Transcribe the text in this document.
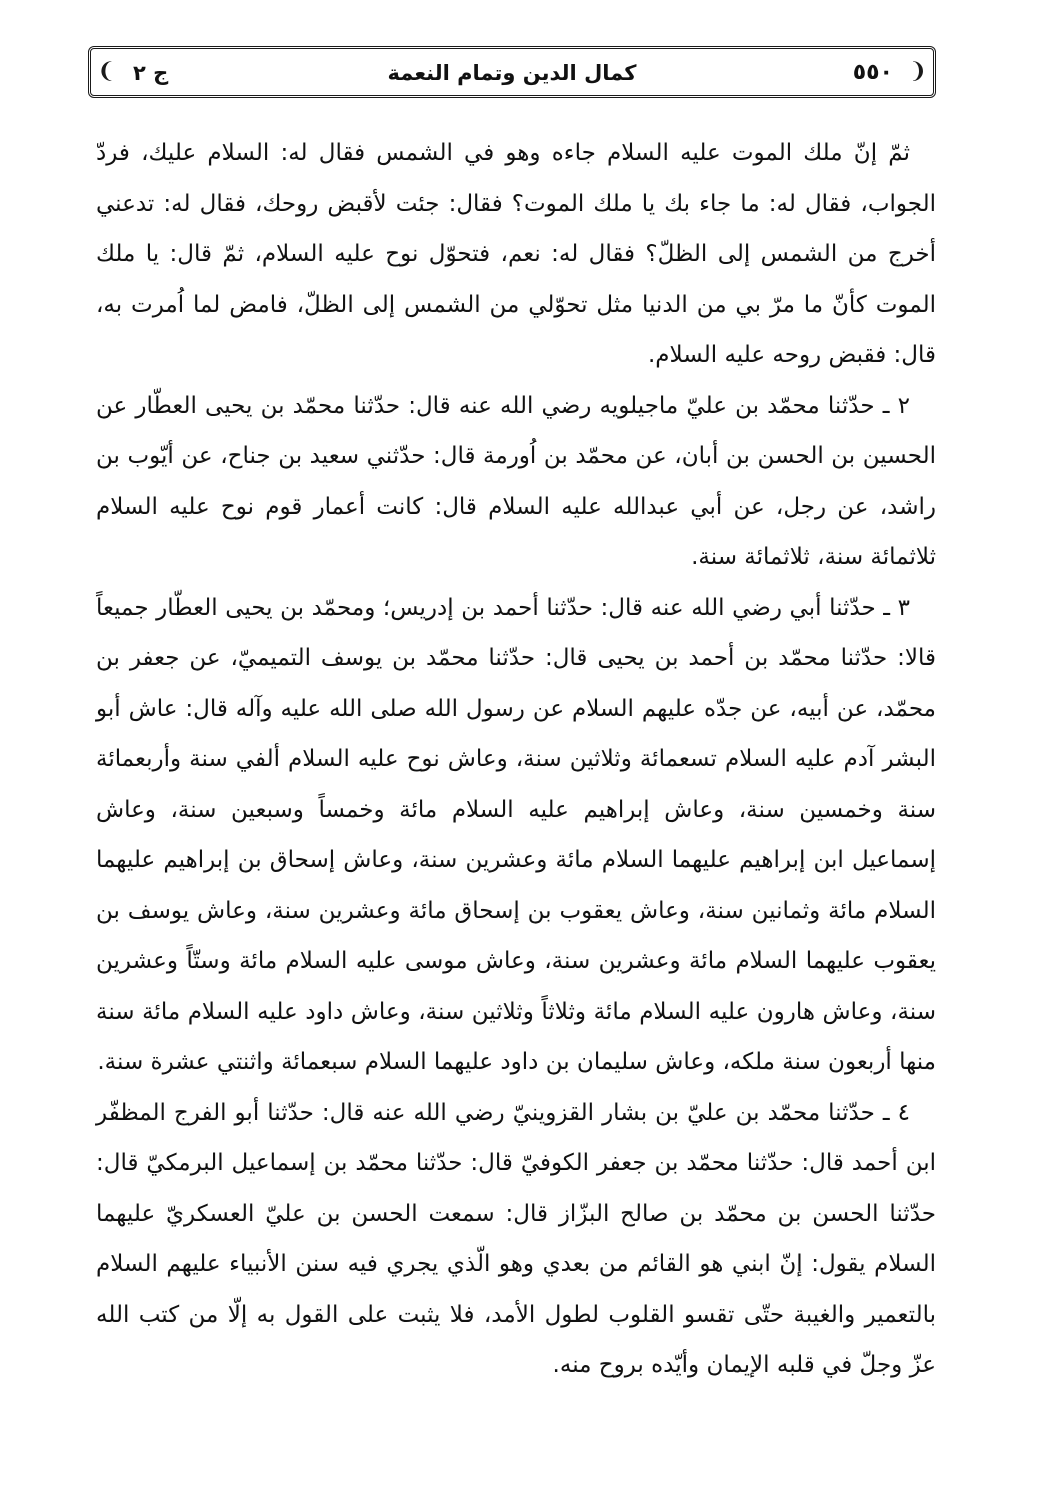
❩
٥٥٠
كمال الدين وتمام النعمة
ج ٢
❨

ثمّ إنّ ملك الموت عليه السلام جاءه وهو في الشمس فقال له: السلام عليك، فردّ الجواب، فقال له: ما جاء بك يا ملك الموت؟ فقال: جئت لأقبض روحك، فقال له: تدعني أخرج من الشمس إلى الظلّ؟ فقال له: نعم، فتحوّل نوح عليه السلام، ثمّ قال: يا ملك الموت كأنّ ما مرّ بي من الدنيا مثل تحوّلي من الشمس إلى الظلّ، فامض لما اُمرت به، قال: فقبض روحه عليه السلام.

٢ ـ حدّثنا محمّد بن عليّ ماجيلويه رضي الله عنه قال: حدّثنا محمّد بن يحيى العطّار عن الحسين بن الحسن بن أبان، عن محمّد بن اُورمة قال: حدّثني سعيد بن جناح، عن أيّوب بن راشد، عن رجل، عن أبي عبدالله عليه السلام قال: كانت أعمار قوم نوح عليه السلام ثلاثمائة سنة، ثلاثمائة سنة.

٣ ـ حدّثنا أبي رضي الله عنه قال: حدّثنا أحمد بن إدريس؛ ومحمّد بن يحيى العطّار جميعاً قالا: حدّثنا محمّد بن أحمد بن يحيى قال: حدّثنا محمّد بن يوسف التميميّ، عن جعفر بن محمّد، عن أبيه، عن جدّه عليهم السلام عن رسول الله صلى الله عليه وآله قال: عاش أبو البشر آدم عليه السلام تسعمائة وثلاثين سنة، وعاش نوح عليه السلام ألفي سنة وأربعمائة سنة وخمسين سنة، وعاش إبراهيم عليه السلام مائة وخمساً وسبعين سنة، وعاش إسماعيل ابن إبراهيم عليهما السلام مائة وعشرين سنة، وعاش إسحاق بن إبراهيم عليهما السلام مائة وثمانين سنة، وعاش يعقوب بن إسحاق مائة وعشرين سنة، وعاش يوسف بن يعقوب عليهما السلام مائة وعشرين سنة، وعاش موسى عليه السلام مائة وستّاً وعشرين سنة، وعاش هارون عليه السلام مائة وثلاثاً وثلاثين سنة، وعاش داود عليه السلام مائة سنة منها أربعون سنة ملكه، وعاش سليمان بن داود عليهما السلام سبعمائة واثنتي عشرة سنة.

٤ ـ حدّثنا محمّد بن عليّ بن بشار القزوينيّ رضي الله عنه قال: حدّثنا أبو الفرج المظفّر ابن أحمد قال: حدّثنا محمّد بن جعفر الكوفيّ قال: حدّثنا محمّد بن إسماعيل البرمكيّ قال: حدّثنا الحسن بن محمّد بن صالح البزّاز قال: سمعت الحسن بن عليّ العسكريّ عليهما السلام يقول: إنّ ابني هو القائم من بعدي وهو الّذي يجري فيه سنن الأنبياء عليهم السلام بالتعمير والغيبة حتّى تقسو القلوب لطول الأمد، فلا يثبت على القول به إلّا من كتب الله عزّ وجلّ في قلبه الإيمان وأيّده بروح منه.
